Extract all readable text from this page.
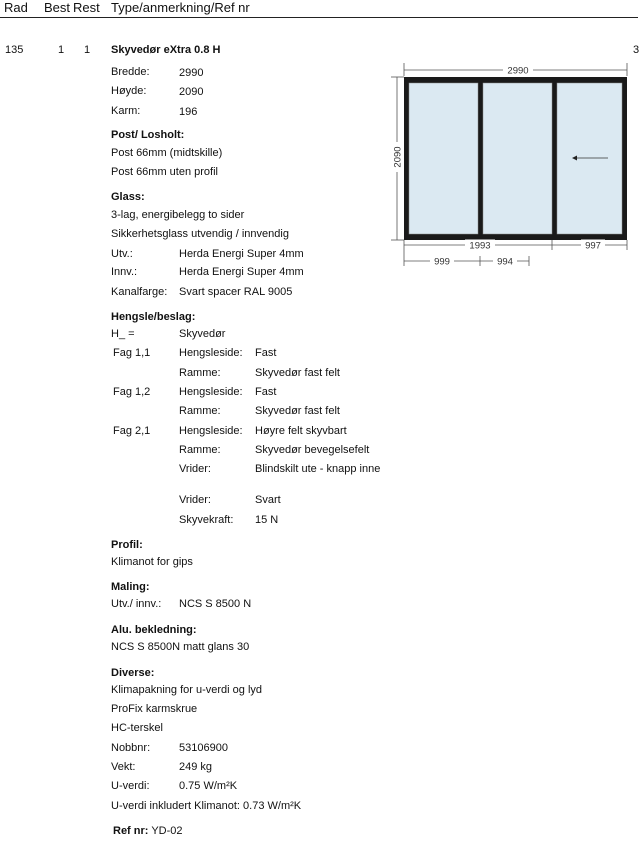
Rad Best Rest Type/anmerkning/Ref nr
135	1 1 Skyvedør eXtra 0.8 H	3
Bredde:	2990
Høyde:	2090
Karm:	196
Post/ Losholt:
Post 66mm (midtskille)
Post 66mm uten profil
Glass:
3-lag, energibelegg to sider
Sikkerhetsglass utvendig / innvendig
Utv.:	Herda Energi Super 4mm
Innv.:	Herda Energi Super 4mm
Kanalfarge: Svart spacer RAL 9005
Hengsle/beslag:
H_ =	Skyvedør
Fag 1,1	Hengsleside: Fast
Ramme:	Skyvedør fast felt
Fag 1,2	Hengsleside: Fast
Ramme:	Skyvedør fast felt
Fag 2,1	Hengsleside: Høyre felt skyvbart
Ramme:	Skyvedør bevegelsefelt
Vrider:	Blindskilt ute - knapp inne
Vrider:	Svart
Skyvekraft: 15 N
Profil:
Klimanot for gips
Maling:
Utv./ innv.: NCS S 8500 N
Alu. bekledning:
NCS S 8500N matt glans 30
Diverse:
Klimapakning for u-verdi og lyd
ProFix karmskrue
HC-terskel
Nobbnr:	53106900
Vekt:	249 kg
U-verdi:	0.75 W/m²K
U-verdi inkludert Klimanot: 0.73 W/m²K
Ref nr: YD-02
2990
2090
1993	997
999	994
